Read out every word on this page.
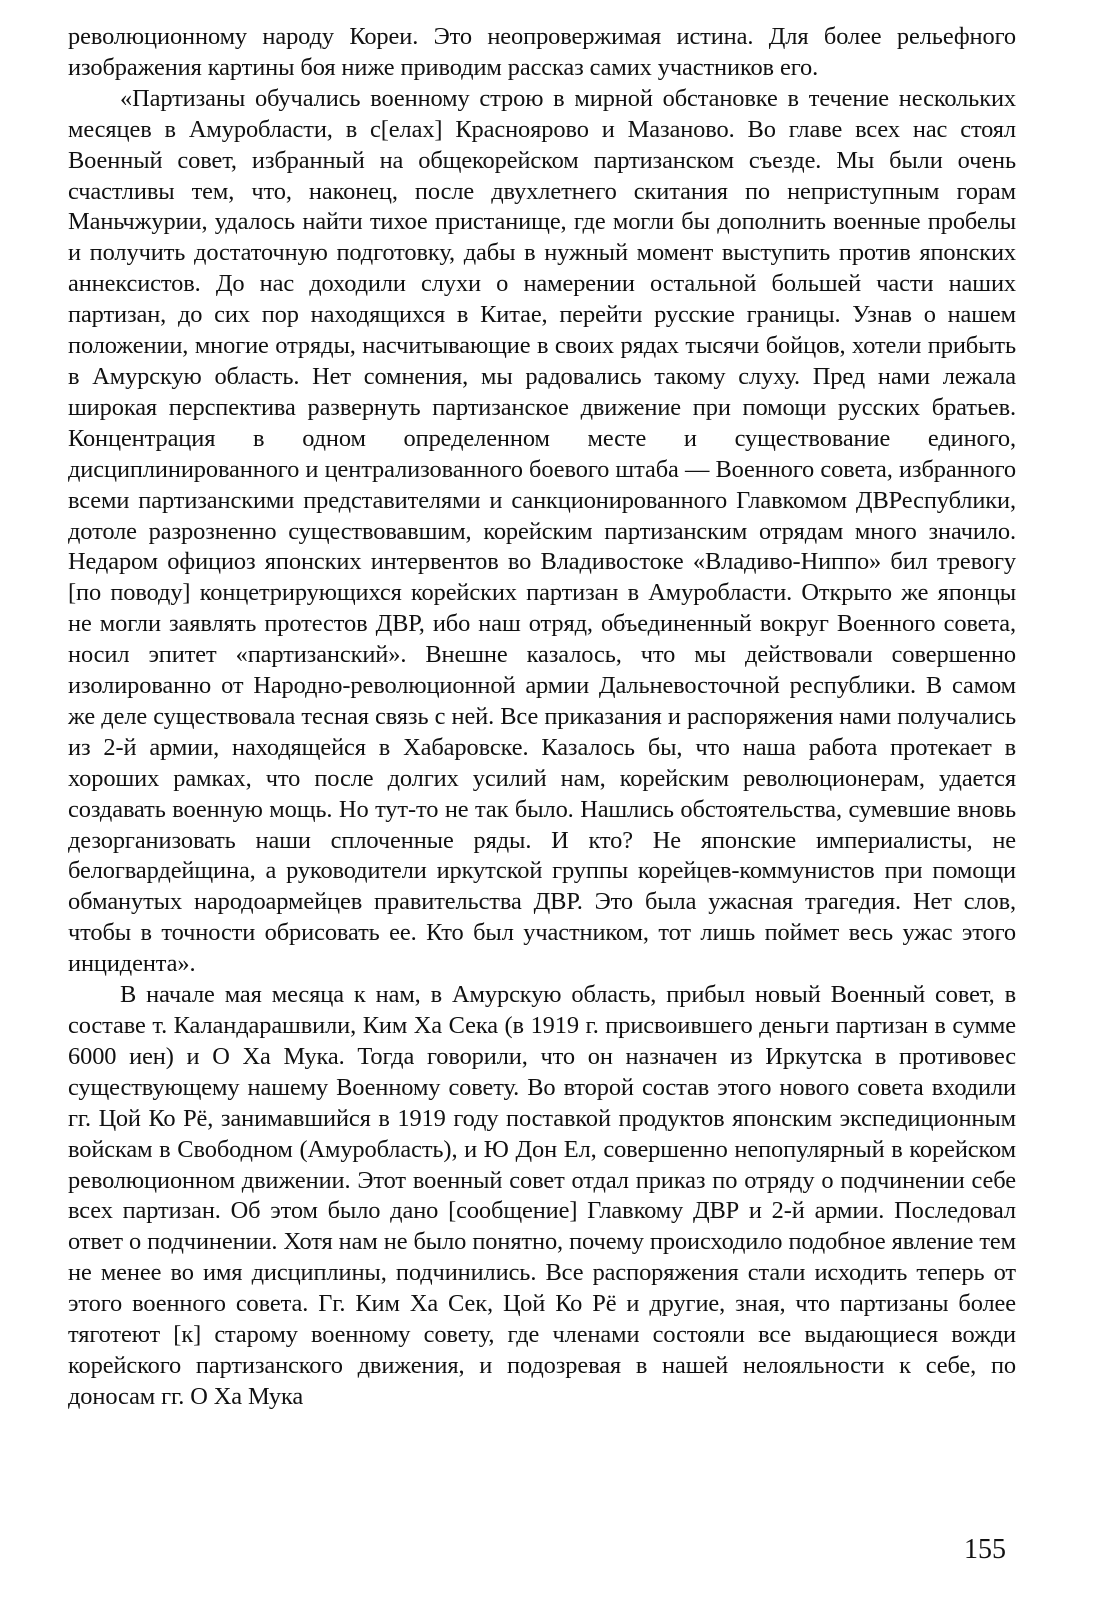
революционному народу Кореи. Это неопровержимая истина. Для более рельефного изображения картины боя ниже приводим рассказ самих участников его.

«Партизаны обучались военному строю в мирной обстановке в течение нескольких месяцев в Амуробласти, в с[елах] Краснoярово и Мазаново. Во главе всех нас стоял Военный совет, избранный на общекорейском партизанском съезде. Мы были очень счастливы тем, что, наконец, после двухлетнего скитания по неприступным горам Маньчжурии, удалось найти тихое пристанище, где могли бы дополнить военные пробелы и получить достаточную подготовку, дабы в нужный момент выступить против японских аннексистов. До нас доходили слухи о намерении остальной большей части наших партизан, до сих пор находящихся в Китае, перейти русские границы. Узнав о нашем положении, многие отряды, насчитывающие в своих рядах тысячи бойцов, хотели прибыть в Амурскую область. Нет сомнения, мы радовались такому слуху. Пред нами лежала широкая перспектива развернуть партизанское движение при помощи русских братьев. Концентрация в одном определенном месте и существование единого, дисциплинированного и централизованного боевого штаба — Военного совета, избранного всеми партизанскими представителями и санкционированного Главкомом ДВРеспублики, дотоле разрозненно существовавшим, корейским партизанским отрядам много значило. Недаром официоз японских интервентов во Владивостоке «Владиво-Ниппо» бил тревогу [по поводу] концетрирующихся корейских партизан в Амуробласти. Открыто же японцы не могли заявлять протестов ДВР, ибо наш отряд, объединенный вокруг Военного совета, носил эпитет «партизанский». Внешне казалось, что мы действовали совершенно изолированно от Народно-революционной армии Дальневосточной республики. В самом же деле существовала тесная связь с ней. Все приказания и распоряжения нами получались из 2-й армии, находящейся в Хабаровске. Казалось бы, что наша работа протекает в хороших рамках, что после долгих усилий нам, корейским революционерам, удается создавать военную мощь. Но тут-то не так было. Нашлись обстоятельства, сумевшие вновь дезорганизовать наши сплоченные ряды. И кто? Не японские империалисты, не белогвардейщина, а руководители иркутской группы корейцев-коммунистов при помощи обманутых народоармейцев правительства ДВР. Это была ужасная трагедия. Нет слов, чтобы в точности обрисовать ее. Кто был участником, тот лишь поймет весь ужас этого инцидента».

В начале мая месяца к нам, в Амурскую область, прибыл новый Военный совет, в составе т. Каландарашвили, Ким Ха Сека (в 1919 г. присвоившего деньги партизан в сумме 6000 иен) и О Ха Мука. Тогда говорили, что он назначен из Иркутска в противовес существующему нашему Военному совету. Во второй состав этого нового совета входили гг. Цой Ко Рё, занимавшийся в 1919 году поставкой продуктов японским экспедиционным войскам в Свободном (Амуробласть), и Ю Дон Ел, совершенно непопулярный в корейском революционном движении. Этот военный совет отдал приказ по отряду о подчинении себе всех партизан. Об этом было дано [сообщение] Главкому ДВР и 2-й армии. Последовал ответ о подчинении. Хотя нам не было понятно, почему происходило подобное явление тем не менее во имя дисциплины, подчинились. Все распоряжения стали исходить теперь от этого военного совета. Гг. Ким Ха Сек, Цой Ко Рё и другие, зная, что партизаны более тяготеют [к] старому военному совету, где членами состояли все выдающиеся вожди корейского партизанского движения, и подозревая в нашей нелояльности к себе, по доносам гг. О Ха Мука

155
